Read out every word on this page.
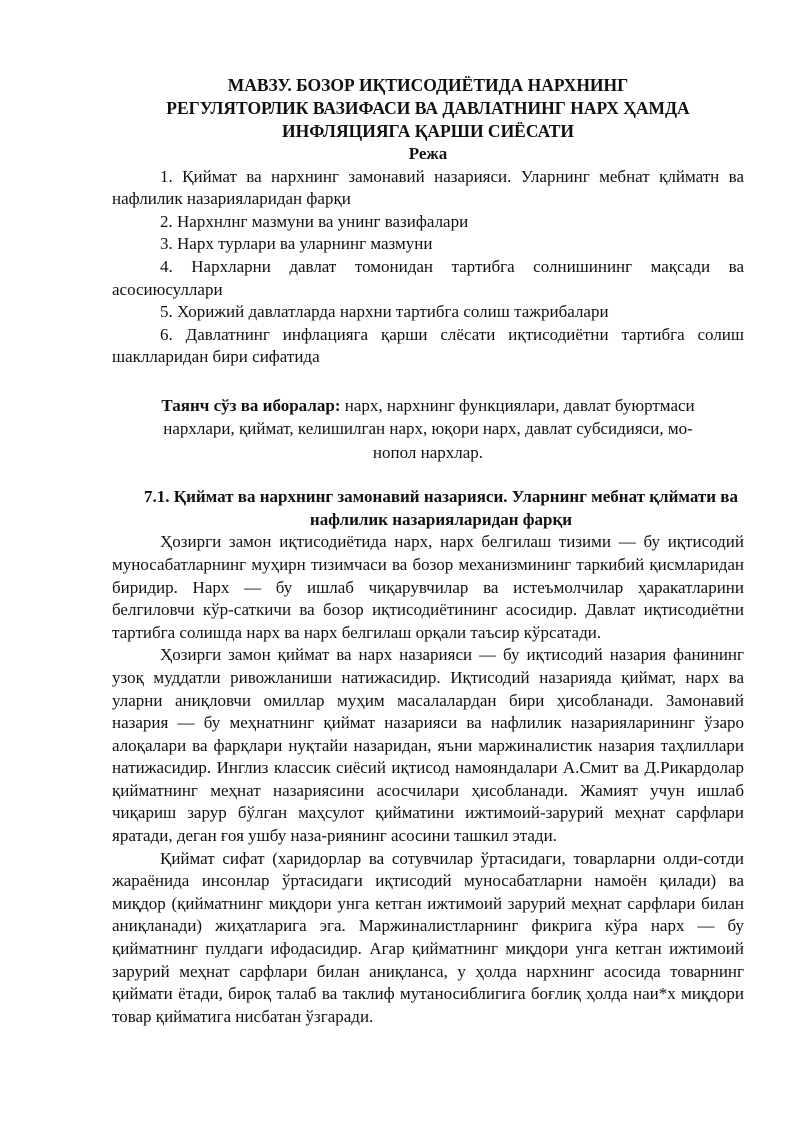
МАВЗУ. БОЗОР ИҚТИСОДИЁТИДА НАРХНИНГ

РЕГУЛЯТОРЛИК ВАЗИФАСИ ВА ДАВЛАТНИНГ НАРХ ҲАМДА

ИНФЛЯЦИЯГА ҚАРШИ СИЁСАТИ

Режа

1. Қиймат ва нархнинг замонавий назарияси. Уларнинг мебнат қлйматн ва нафлилик назарияларидан фарқи

2. Нархнлнг мазмуни ва унинг вазифалари

3. Нарх турлари ва уларнинг мазмуни

4. Нархларни давлат томонидан тартибга солнишининг мақсади ва асосиюсуллари

5. Хорижий давлатларда нархни тартибга солиш тажрибалари

6. Давлатнинг инфлацияга қарши слёсати иқтисодиётни тартибга солиш шаклларидан бири сифатида

Таянч сўз ва иборалар: нарх, нархнинг функциялари, давлат буюртмаси нархлари, қиймат, келишилган нарх, юқори нарх, давлат субсидияси, мо-нопол нархлар.

7.1. Қиймат ва нархнинг замонавий назарияси. Уларнинг мебнат қлймати ва нафлилик назарияларидан фарқи

Ҳозирги замон иқтисодиётида нарх, нарх белгилаш тизими — бу иқтисодий муносабатларнинг муҳирн тизимчаси ва бозор механизмининг таркибий қисмларидан биридир. Нарх — бу ишлаб чиқарувчилар ва истеъмолчилар ҳаракатларини белгиловчи кўр-саткичи ва бозор иқтисодиётининг асосидир. Давлат иқтисодиётни тартибга солишда нарх ва нарх белгилаш орқали таъсир кўрсатади.

Ҳозирги замон қиймат ва нарх назарияси — бу иқтисодий назария фанининг узоқ муддатли ривожланиши натижасидир. Иқтисодий назарияда қиймат, нарх ва уларни аниқловчи омиллар муҳим масалалардан бири ҳисобланади. Замонавий назария — бу меҳнатнинг қиймат назарияси ва нафлилик назарияларининг ўзаро алоқалари ва фарқлари нуқтайи назаридан, яъни маржиналистик назария таҳлиллари натижасидир. Инглиз классик сиёсий иқтисод намояндалари А.Смит ва Д.Рикардолар қийматнинг меҳнат назариясини асосчилари ҳисобланади. Жамият учун ишлаб чиқариш зарур бўлган маҳсулот қийматини ижтимоий-зарурий меҳнат сарфлари яратади, деган ғоя ушбу наза-риянинг асосини ташкил этади.

Қиймат сифат (харидорлар ва сотувчилар ўртасидаги, товарларни олди-сотди жараёнида инсонлар ўртасидаги иқтисодий муносабатларни намоён қилади) ва миқдор (қийматнинг миқдори унга кетган ижтимоий зарурий меҳнат сарфлари билан аниқланади) жиҳатларига эга. Маржиналистларнинг фикрига кўра нарх — бу қийматнинг пулдаги ифодасидир. Агар қийматнинг миқдори унга кетган ижтимоий зарурий меҳнат сарфлари билан аниқланса, у ҳолда нархнинг асосида товарнинг қиймати ётади, бироқ талаб ва таклиф мутаносиблигига боғлиқ ҳолда наи*х миқдори товар қийматига нисбатан ўзгаради.
